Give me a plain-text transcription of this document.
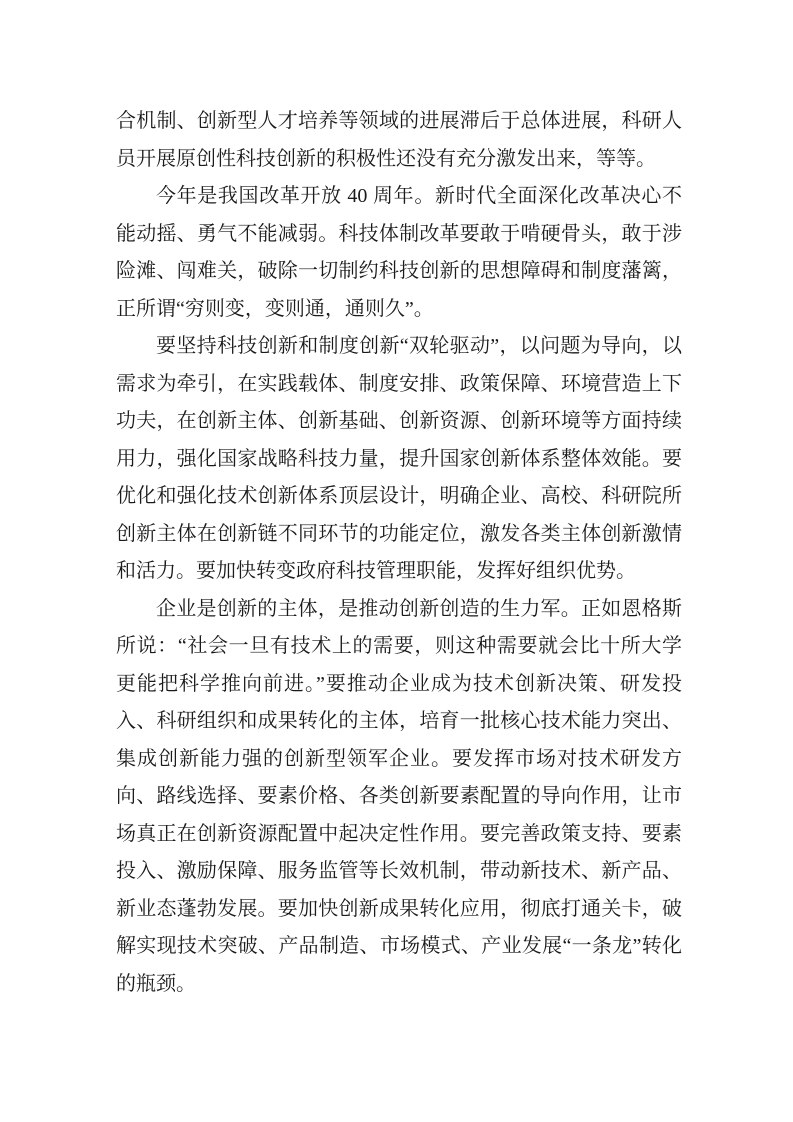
合机制、创新型人才培养等领域的进展滞后于总体进展，科研人员开展原创性科技创新的积极性还没有充分激发出来，等等。

今年是我国改革开放 40 周年。新时代全面深化改革决心不能动摇、勇气不能减弱。科技体制改革要敢于啃硬骨头，敢于涉险滩、闯难关，破除一切制约科技创新的思想障碍和制度藩篱，正所谓“穷则变，变则通，通则久”。

要坚持科技创新和制度创新“双轮驱动”，以问题为导向，以需求为牵引，在实践载体、制度安排、政策保障、环境营造上下功夫，在创新主体、创新基础、创新资源、创新环境等方面持续用力，强化国家战略科技力量，提升国家创新体系整体效能。要优化和强化技术创新体系顶层设计，明确企业、高校、科研院所创新主体在创新链不同环节的功能定位，激发各类主体创新激情和活力。要加快转变政府科技管理职能，发挥好组织优势。

企业是创新的主体，是推动创新创造的生力军。正如恩格斯所说：“社会一旦有技术上的需要，则这种需要就会比十所大学更能把科学推向前进。”要推动企业成为技术创新决策、研发投入、科研组织和成果转化的主体，培育一批核心技术能力突出、集成创新能力强的创新型领军企业。要发挥市场对技术研发方向、路线选择、要素价格、各类创新要素配置的导向作用，让市场真正在创新资源配置中起决定性作用。要完善政策支持、要素投入、激励保障、服务监管等长效机制，带动新技术、新产品、新业态蓬勃发展。要加快创新成果转化应用，彻底打通关卡，破解实现技术突破、产品制造、市场模式、产业发展“一条龙”转化的瓶颈。
